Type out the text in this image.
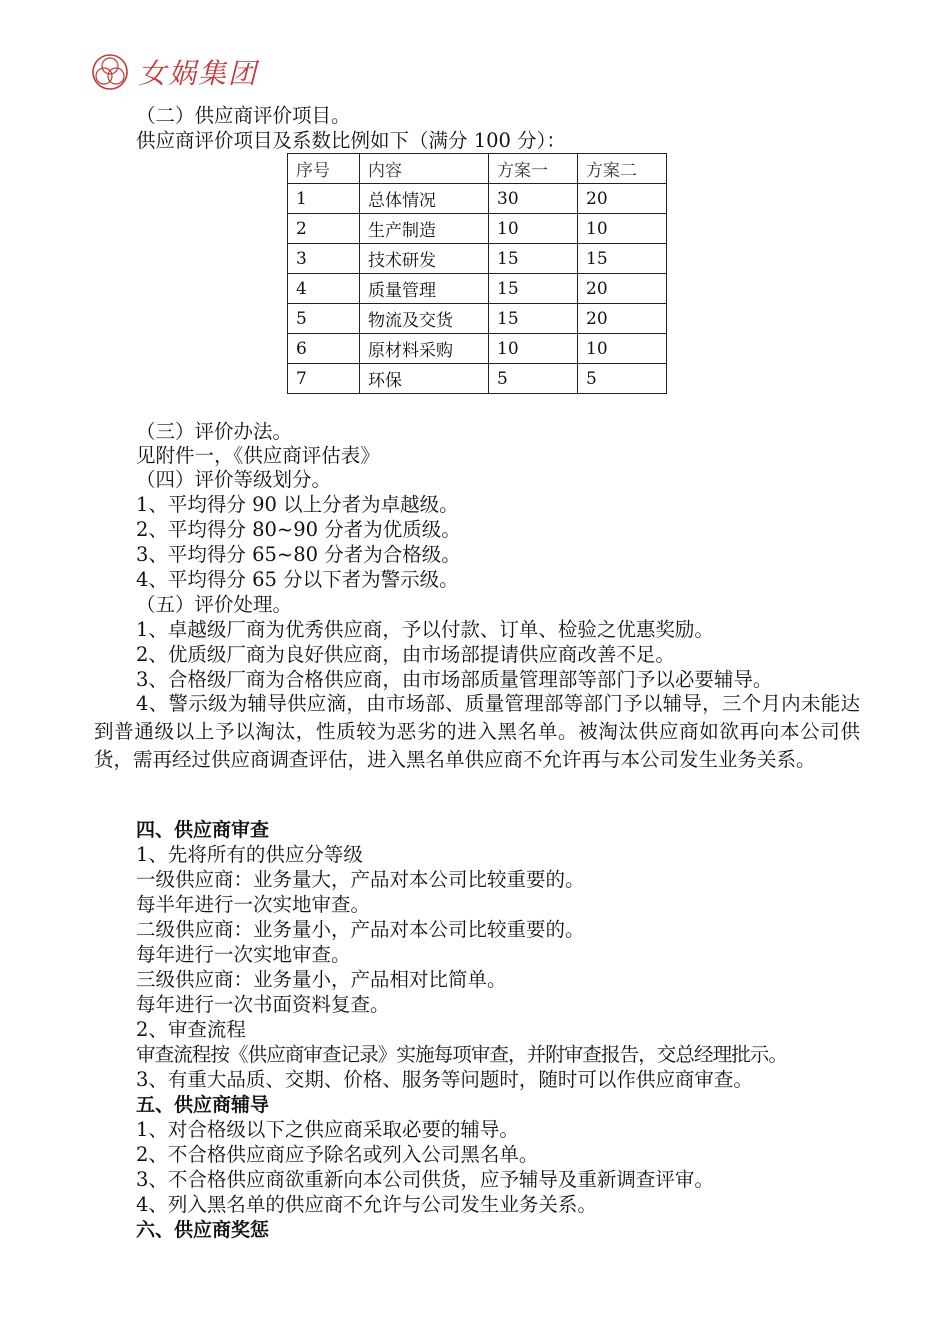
女娲集团
（二）供应商评价项目。
供应商评价项目及系数比例如下（满分 100 分）：
序号	内容	方案一	方案二
1	总体情况	30	20
2	生产制造	10	10
3	技术研发	15	15
4	质量管理	15	20
5	物流及交货	15	20
6	原材料采购	10	10
7	环保	5	5
（三）评价办法。
见附件一，《供应商评估表》
（四）评价等级划分。
1、平均得分 90 以上分者为卓越级。
2、平均得分 80~90 分者为优质级。
3、平均得分 65~80 分者为合格级。
4、平均得分 65 分以下者为警示级。
（五）评价处理。
1、卓越级厂商为优秀供应商，予以付款、订单、检验之优惠奖励。
2、优质级厂商为良好供应商，由市场部提请供应商改善不足。
3、合格级厂商为合格供应商，由市场部质量管理部等部门予以必要辅导。
4、警示级为辅导供应滴，由市场部、质量管理部等部门予以辅导，三个月内未能达到普通级以上予以淘汰，性质较为恶劣的进入黑名单。被淘汰供应商如欲再向本公司供货，需再经过供应商调查评估，进入黑名单供应商不允许再与本公司发生业务关系。
四、供应商审查
1、先将所有的供应分等级
一级供应商：业务量大，产品对本公司比较重要的。
每半年进行一次实地审查。
二级供应商：业务量小，产品对本公司比较重要的。
每年进行一次实地审查。
三级供应商：业务量小，产品相对比简单。
每年进行一次书面资料复查。
2、审查流程
审查流程按《供应商审查记录》实施每项审查，并附审查报告，交总经理批示。
3、有重大品质、交期、价格、服务等问题时，随时可以作供应商审查。
五、供应商辅导
1、对合格级以下之供应商采取必要的辅导。
2、不合格供应商应予除名或列入公司黑名单。
3、不合格供应商欲重新向本公司供货，应予辅导及重新调查评审。
4、列入黑名单的供应商不允许与公司发生业务关系。
六、供应商奖惩
